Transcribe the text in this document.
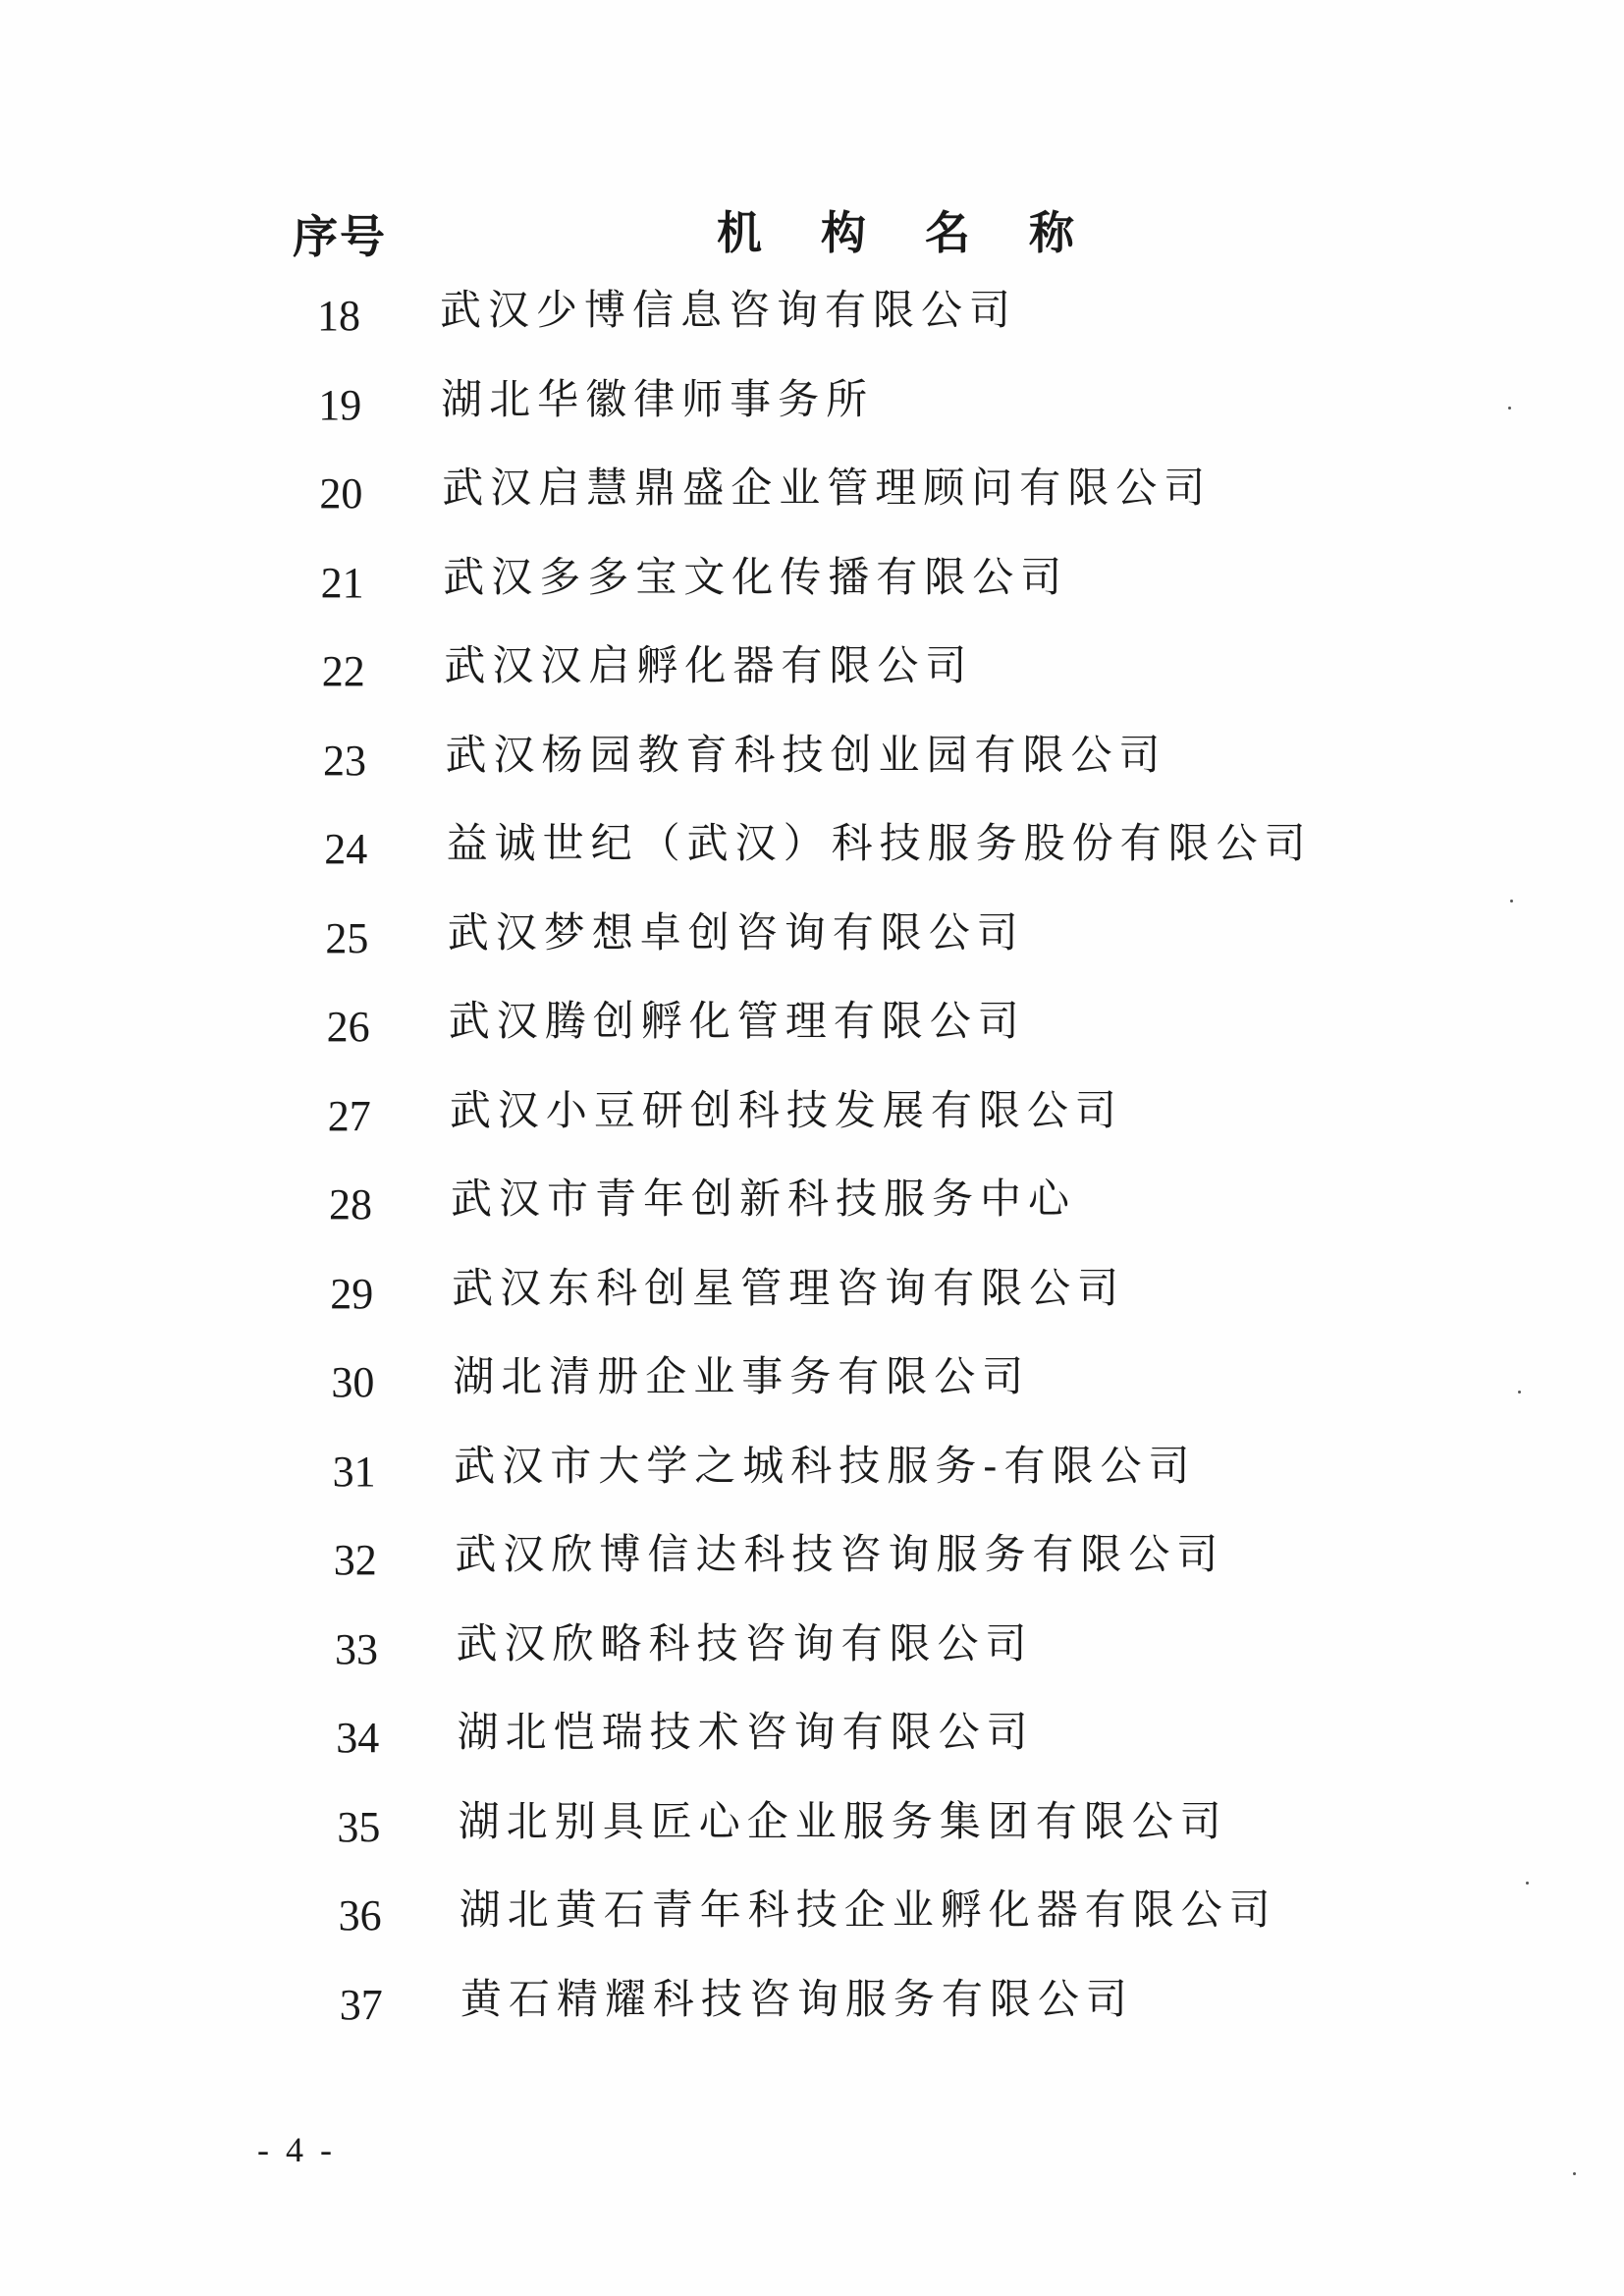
序号	机构名称
18	武汉少博信息咨询有限公司
19	湖北华徽律师事务所
20	武汉启慧鼎盛企业管理顾问有限公司
21	武汉多多宝文化传播有限公司
22	武汉汉启孵化器有限公司
23	武汉杨园教育科技创业园有限公司
24	益诚世纪（武汉）科技服务股份有限公司
25	武汉梦想卓创咨询有限公司
26	武汉腾创孵化管理有限公司
27	武汉小豆研创科技发展有限公司
28	武汉市青年创新科技服务中心
29	武汉东科创星管理咨询有限公司
30	湖北清册企业事务有限公司
31	武汉市大学之城科技服务-有限公司
32	武汉欣博信达科技咨询服务有限公司
33	武汉欣略科技咨询有限公司
34	湖北恺瑞技术咨询有限公司
35	湖北别具匠心企业服务集团有限公司
36	湖北黄石青年科技企业孵化器有限公司
37	黄石精耀科技咨询服务有限公司
- 4 -
